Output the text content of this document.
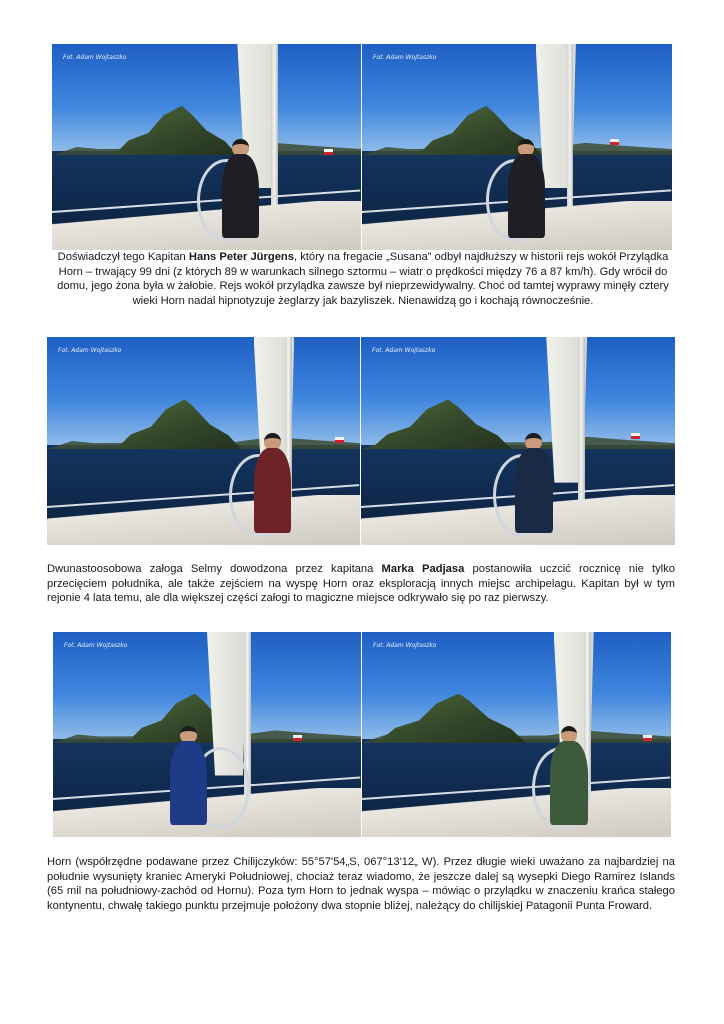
Fot. Adam Wojtaszko	Fot. Adam Wojtaszko

Doświadczył tego Kapitan Hans Peter Jürgens, który na fregacie „Susana” odbył najdłuższy w historii rejs wokół Przylądka Horn – trwający 99 dni (z których 89 w warunkach silnego sztormu – wiatr o prędkości między 76 a 87 km/h). Gdy wrócił do domu, jego żona była w żałobie. Rejs wokół przylądka zawsze był nieprzewidywalny. Choć od tamtej wyprawy minęły cztery wieki Horn nadal hipnotyzuje żeglarzy jak bazyliszek. Nienawidzą go i kochają równocześnie.

Fot. Adam Wojtaszko	Fot. Adam Wojtaszko

Dwunastoosobowa załoga Selmy dowodzona przez kapitana Marka Padjasa postanowiła uczcić rocznicę nie tylko przecięciem południka, ale także zejściem na wyspę Horn oraz eksploracją innych miejsc archipelagu. Kapitan był w tym rejonie 4 lata temu, ale dla większej części załogi to magiczne miejsce odkrywało się po raz pierwszy.

Fot. Adam Wojtaszko	Fot. Adam Wojtaszko

Horn (współrzędne podawane przez Chilijczyków: 55°57'54„S, 067°13'12„ W). Przez długie wieki uważano za najbardziej na południe wysunięty kraniec Ameryki Południowej, chociaż teraz wiadomo, że jeszcze dalej są wysepki Diego Ramirez Islands (65 mil na południowy-zachód od Hornu). Poza tym Horn to jednak wyspa – mówiąc o przylądku w znaczeniu krańca stałego kontynentu, chwałę takiego punktu przejmuje położony dwa stopnie bliżej, należący do chilijskiej Patagonii Punta Froward.
